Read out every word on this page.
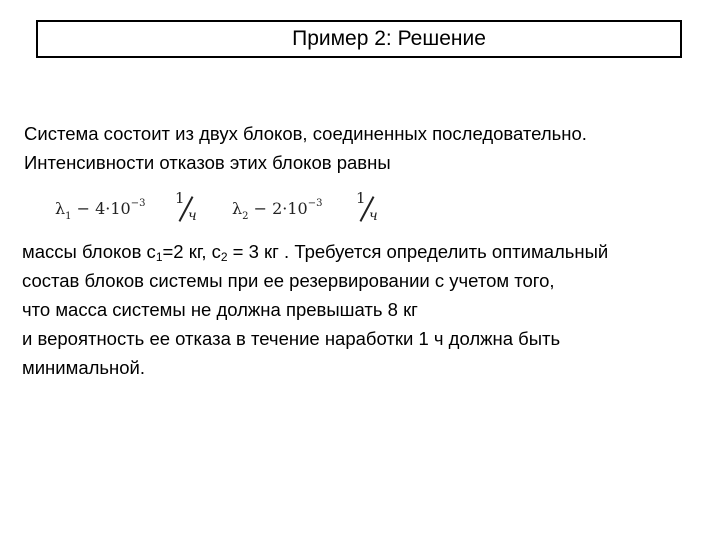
Пример 2: Решение
Система состоит из двух блоков, соединенных последовательно.
Интенсивности отказов этих блоков равны
$\lambda_1 - 4\cdot 10^{-3}$ 1
ч $\lambda_2 - 2\cdot 10^{-3}$ 1
ч
массы блоков $с_1=2$ кг, $с_2 = 3$ кг . Требуется определить оптимальный
состав блоков системы при ее резервировании с учетом того,
что масса системы не должна превышать 8 кг
и вероятность ее отказа в течение наработки 1 ч должна быть
минимальной.
